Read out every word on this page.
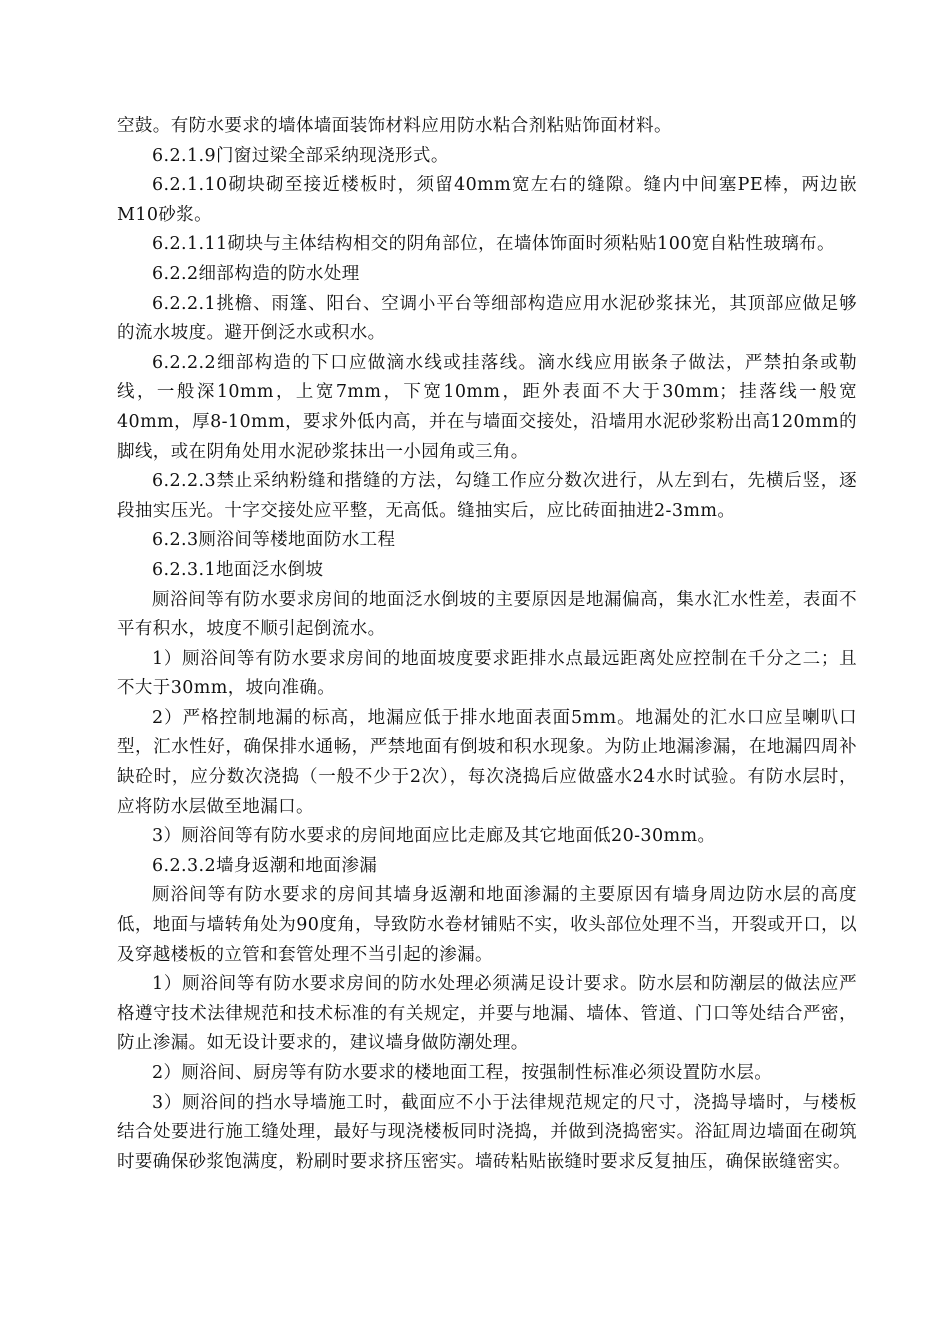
空鼓。有防水要求的墙体墙面装饰材料应用防水粘合剂粘贴饰面材料。

6.2.1.9门窗过梁全部采纳现浇形式。

6.2.1.10砌块砌至接近楼板时，须留40mm宽左右的缝隙。缝内中间塞PE棒，两边嵌M10砂浆。

6.2.1.11砌块与主体结构相交的阴角部位，在墙体饰面时须粘贴100宽自粘性玻璃布。

6.2.2细部构造的防水处理

6.2.2.1挑檐、雨篷、阳台、空调小平台等细部构造应用水泥砂浆抹光，其顶部应做足够的流水坡度。避开倒泛水或积水。

6.2.2.2细部构造的下口应做滴水线或挂落线。滴水线应用嵌条子做法，严禁拍条或勒线，一般深10mm，上宽7mm，下宽10mm，距外表面不大于30mm；挂落线一般宽40mm，厚8-10mm，要求外低内高，并在与墙面交接处，沿墙用水泥砂浆粉出高120mm的脚线，或在阴角处用水泥砂浆抹出一小园角或三角。

6.2.2.3禁止采纳粉缝和揩缝的方法，勾缝工作应分数次进行，从左到右，先横后竖，逐段抽实压光。十字交接处应平整，无高低。缝抽实后，应比砖面抽进2-3mm。

6.2.3厕浴间等楼地面防水工程

6.2.3.1地面泛水倒坡

厕浴间等有防水要求房间的地面泛水倒坡的主要原因是地漏偏高，集水汇水性差，表面不平有积水，坡度不顺引起倒流水。

1）厕浴间等有防水要求房间的地面坡度要求距排水点最远距离处应控制在千分之二；且不大于30mm，坡向准确。

2）严格控制地漏的标高，地漏应低于排水地面表面5mm。地漏处的汇水口应呈喇叭口型，汇水性好，确保排水通畅，严禁地面有倒坡和积水现象。为防止地漏渗漏，在地漏四周补缺砼时，应分数次浇捣（一般不少于2次），每次浇捣后应做盛水24水时试验。有防水层时，应将防水层做至地漏口。

3）厕浴间等有防水要求的房间地面应比走廊及其它地面低20-30mm。

6.2.3.2墙身返潮和地面渗漏

厕浴间等有防水要求的房间其墙身返潮和地面渗漏的主要原因有墙身周边防水层的高度低，地面与墙转角处为90度角，导致防水卷材铺贴不实，收头部位处理不当，开裂或开口，以及穿越楼板的立管和套管处理不当引起的渗漏。

1）厕浴间等有防水要求房间的防水处理必须满足设计要求。防水层和防潮层的做法应严格遵守技术法律规范和技术标准的有关规定，并要与地漏、墙体、管道、门口等处结合严密，防止渗漏。如无设计要求的，建议墙身做防潮处理。

2）厕浴间、厨房等有防水要求的楼地面工程，按强制性标准必须设置防水层。

3）厕浴间的挡水导墙施工时，截面应不小于法律规范规定的尺寸，浇捣导墙时，与楼板结合处要进行施工缝处理，最好与现浇楼板同时浇捣，并做到浇捣密实。浴缸周边墙面在砌筑时要确保砂浆饱满度，粉刷时要求挤压密实。墙砖粘贴嵌缝时要求反复抽压，确保嵌缝密实。
